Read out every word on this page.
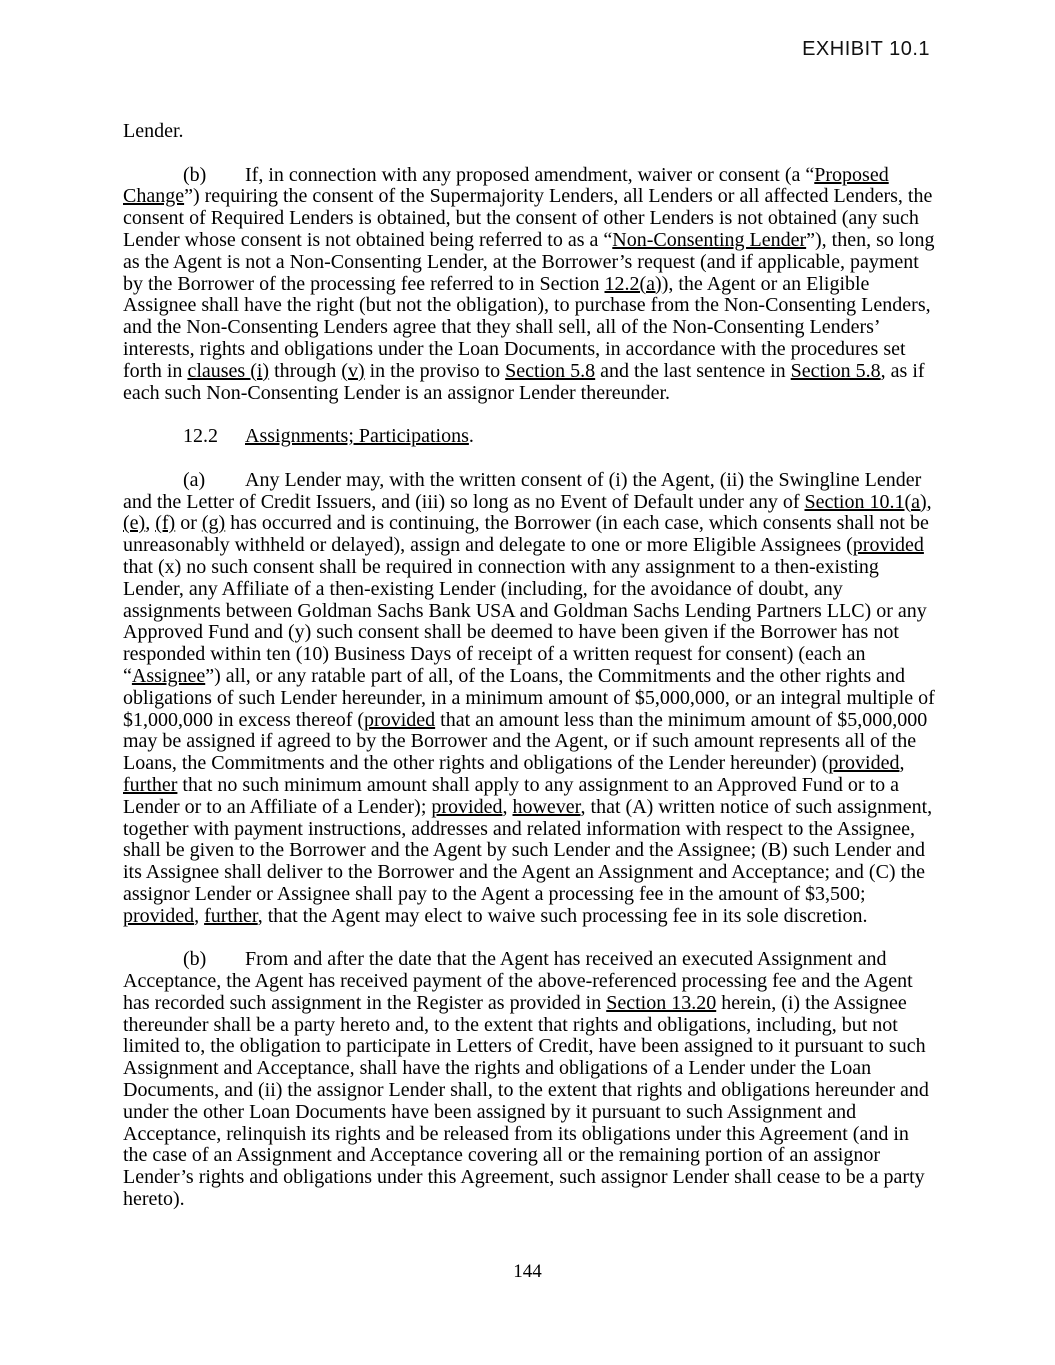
EXHIBIT 10.1

Lender.

(b) If, in connection with any proposed amendment, waiver or consent (a “Proposed Change”) requiring the consent of the Supermajority Lenders, all Lenders or all affected Lenders, the consent of Required Lenders is obtained, but the consent of other Lenders is not obtained (any such Lender whose consent is not obtained being referred to as a “Non-Consenting Lender”), then, so long as the Agent is not a Non-Consenting Lender, at the Borrower’s request (and if applicable, payment by the Borrower of the processing fee referred to in Section 12.2(a)), the Agent or an Eligible Assignee shall have the right (but not the obligation), to purchase from the Non-Consenting Lenders, and the Non-Consenting Lenders agree that they shall sell, all of the Non-Consenting Lenders’ interests, rights and obligations under the Loan Documents, in accordance with the procedures set forth in clauses (i) through (v) in the proviso to Section 5.8 and the last sentence in Section 5.8, as if each such Non-Consenting Lender is an assignor Lender thereunder.

12.2 Assignments; Participations.

(a) Any Lender may, with the written consent of (i) the Agent, (ii) the Swingline Lender and the Letter of Credit Issuers, and (iii) so long as no Event of Default under any of Section 10.1(a), (e), (f) or (g) has occurred and is continuing, the Borrower (in each case, which consents shall not be unreasonably withheld or delayed), assign and delegate to one or more Eligible Assignees (provided that (x) no such consent shall be required in connection with any assignment to a then-existing Lender, any Affiliate of a then-existing Lender (including, for the avoidance of doubt, any assignments between Goldman Sachs Bank USA and Goldman Sachs Lending Partners LLC) or any Approved Fund and (y) such consent shall be deemed to have been given if the Borrower has not responded within ten (10) Business Days of receipt of a written request for consent) (each an “Assignee”) all, or any ratable part of all, of the Loans, the Commitments and the other rights and obligations of such Lender hereunder, in a minimum amount of $5,000,000, or an integral multiple of $1,000,000 in excess thereof (provided that an amount less than the minimum amount of $5,000,000 may be assigned if agreed to by the Borrower and the Agent, or if such amount represents all of the Loans, the Commitments and the other rights and obligations of the Lender hereunder) (provided, further that no such minimum amount shall apply to any assignment to an Approved Fund or to a Lender or to an Affiliate of a Lender); provided, however, that (A) written notice of such assignment, together with payment instructions, addresses and related information with respect to the Assignee, shall be given to the Borrower and the Agent by such Lender and the Assignee; (B) such Lender and its Assignee shall deliver to the Borrower and the Agent an Assignment and Acceptance; and (C) the assignor Lender or Assignee shall pay to the Agent a processing fee in the amount of $3,500; provided, further, that the Agent may elect to waive such processing fee in its sole discretion.

(b) From and after the date that the Agent has received an executed Assignment and Acceptance, the Agent has received payment of the above-referenced processing fee and the Agent has recorded such assignment in the Register as provided in Section 13.20 herein, (i) the Assignee thereunder shall be a party hereto and, to the extent that rights and obligations, including, but not limited to, the obligation to participate in Letters of Credit, have been assigned to it pursuant to such Assignment and Acceptance, shall have the rights and obligations of a Lender under the Loan Documents, and (ii) the assignor Lender shall, to the extent that rights and obligations hereunder and under the other Loan Documents have been assigned by it pursuant to such Assignment and Acceptance, relinquish its rights and be released from its obligations under this Agreement (and in the case of an Assignment and Acceptance covering all or the remaining portion of an assignor Lender’s rights and obligations under this Agreement, such assignor Lender shall cease to be a party hereto).

144
